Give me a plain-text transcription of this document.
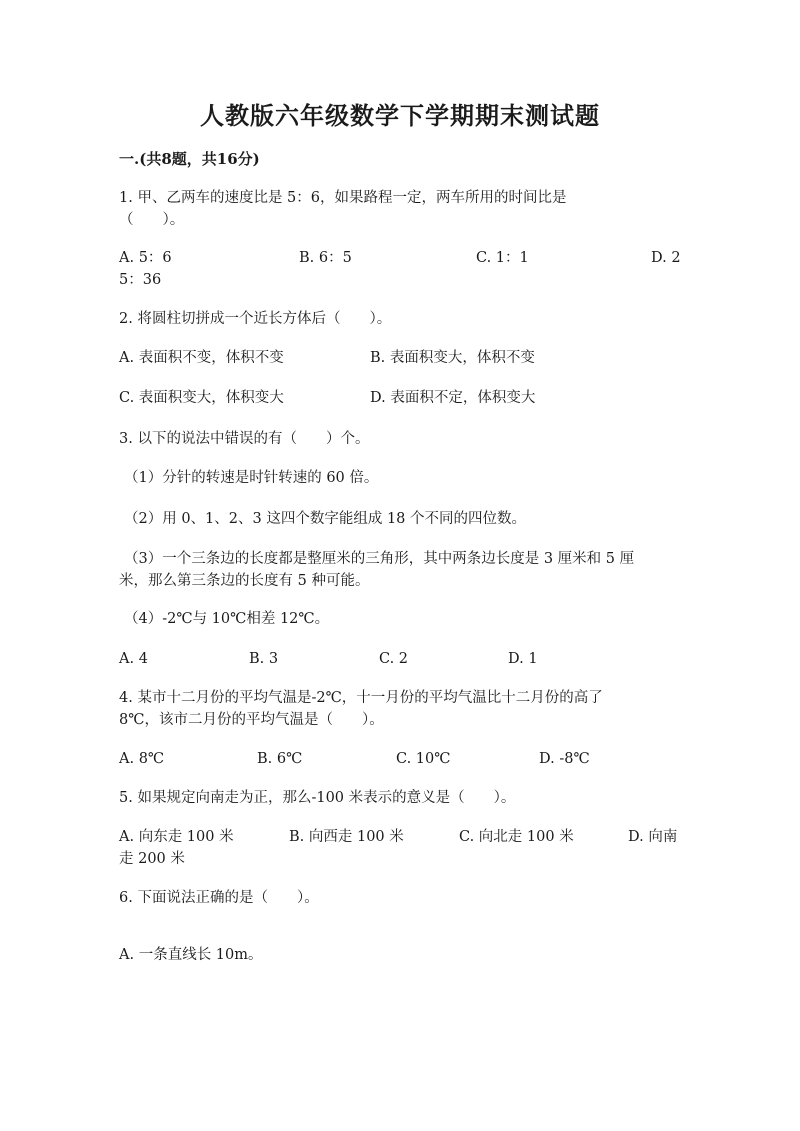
人教版六年级数学下学期期末测试题
一.(共8题，共16分)
1. 甲、乙两车的速度比是 5：6，如果路程一定，两车所用的时间比是
（　　）。
A. 5：6	B. 6：5	C. 1：1	D. 2
5：36
2. 将圆柱切拼成一个近长方体后（　　）。
A. 表面积不变，体积不变	B. 表面积变大，体积不变
C. 表面积变大，体积变大	D. 表面积不定，体积变大
3. 以下的说法中错误的有（　　）个。
（1）分针的转速是时针转速的 60 倍。
（2）用 0、1、2、3 这四个数字能组成 18 个不同的四位数。
（3）一个三条边的长度都是整厘米的三角形，其中两条边长度是 3 厘米和 5 厘
米，那么第三条边的长度有 5 种可能。
（4）-2℃与 10℃相差 12℃。
A. 4	B. 3	C. 2	D. 1
4. 某市十二月份的平均气温是-2℃，十一月份的平均气温比十二月份的高了
8℃，该市二月份的平均气温是（　　）。
A. 8℃	B. 6℃	C. 10℃	D. -8℃
5. 如果规定向南走为正，那么-100 米表示的意义是（　　）。
A. 向东走 100 米	B. 向西走 100 米	C. 向北走 100 米	D. 向南
走 200 米
6. 下面说法正确的是（　　）。
A. 一条直线长 10m。
